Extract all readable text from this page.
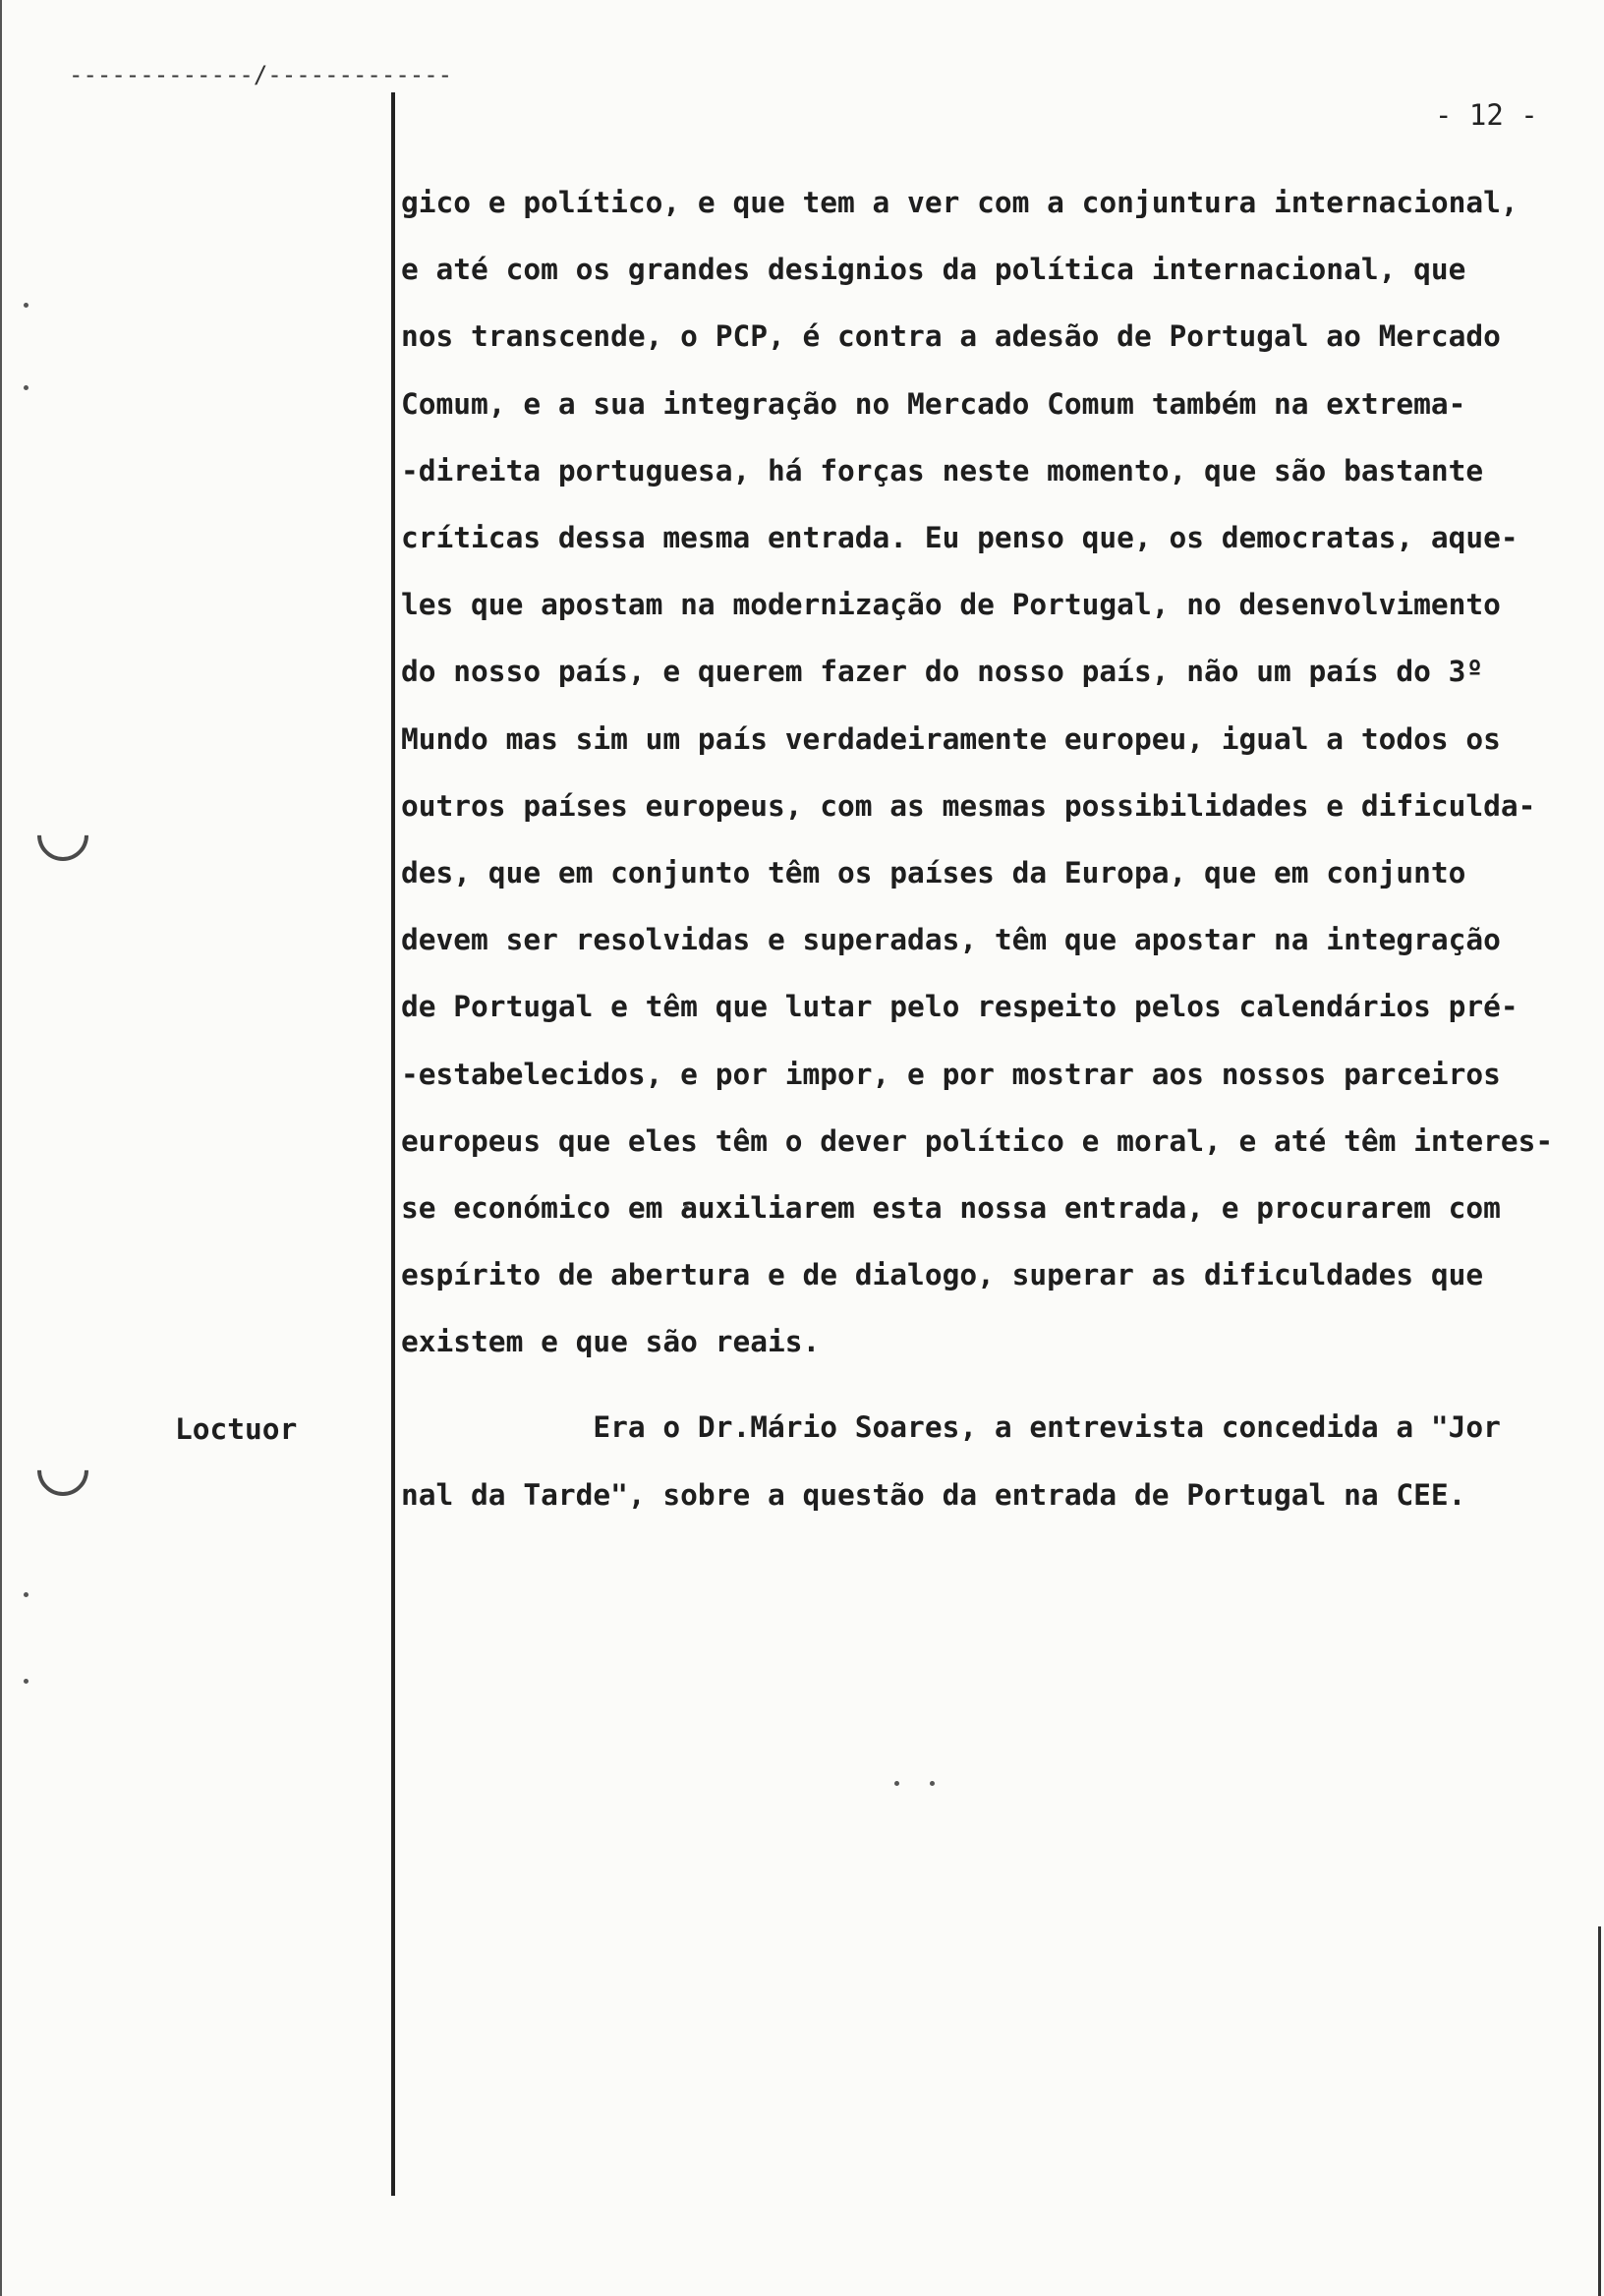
-------------/-------------
- 12 -
gico e político, e que tem a ver com a conjuntura internacional,
e até com os grandes designios da política internacional, que
nos transcende, o PCP, é contra a adesão de Portugal ao Mercado
Comum, e a sua integração no Mercado Comum também na extrema-
-direita portuguesa, há forças neste momento, que são bastante
críticas dessa mesma entrada. Eu penso que, os democratas, aque-
les que apostam na modernização de Portugal, no desenvolvimento
do nosso país, e querem fazer do nosso país, não um país do 3º
Mundo mas sim um país verdadeiramente europeu, igual a todos os
outros países europeus, com as mesmas possibilidades e dificulda-
des, que em conjunto têm os países da Europa, que em conjunto
devem ser resolvidas e superadas, têm que apostar na integração
de Portugal e têm que lutar pelo respeito pelos calendários pré-
-estabelecidos, e por impor, e por mostrar aos nossos parceiros
europeus que eles têm o dever político e moral, e até têm interes-
se económico em auxiliarem esta nossa entrada, e procurarem com
espírito de abertura e de dialogo, superar as dificuldades que
existem e que são reais.
Loctuor	Era o Dr.Mário Soares, a entrevista concedida a "Jor
nal da Tarde", sobre a questão da entrada de Portugal na CEE.
